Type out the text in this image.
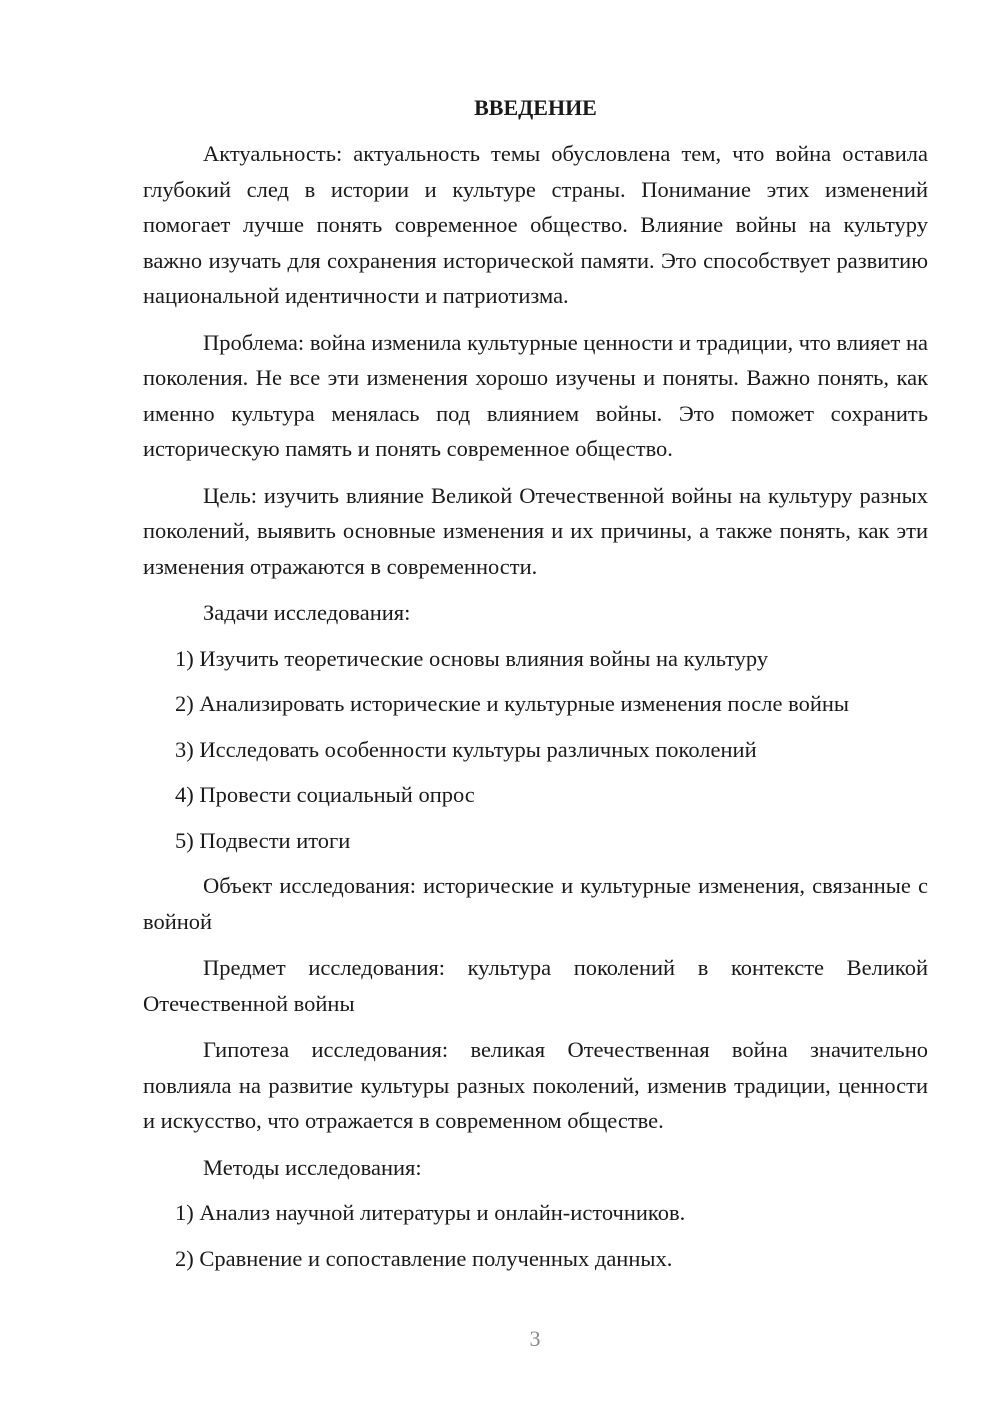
ВВЕДЕНИЕ

Актуальность: актуальность темы обусловлена тем, что война оставила глубокий след в истории и культуре страны. Понимание этих изменений помогает лучше понять современное общество. Влияние войны на культуру важно изучать для сохранения исторической памяти. Это способствует развитию национальной идентичности и патриотизма.

Проблема: война изменила культурные ценности и традиции, что влияет на поколения. Не все эти изменения хорошо изучены и поняты. Важно понять, как именно культура менялась под влиянием войны. Это поможет сохранить историческую память и понять современное общество.

Цель: изучить влияние Великой Отечественной войны на культуру разных поколений, выявить основные изменения и их причины, а также понять, как эти изменения отражаются в современности.

Задачи исследования:

1) Изучить теоретические основы влияния войны на культуру

2) Анализировать исторические и культурные изменения после войны

3) Исследовать особенности культуры различных поколений

4) Провести социальный опрос

5) Подвести итоги

Объект исследования: исторические и культурные изменения, связанные с войной

Предмет исследования: культура поколений в контексте Великой Отечественной войны

Гипотеза исследования: великая Отечественная война значительно повлияла на развитие культуры разных поколений, изменив традиции, ценности и искусство, что отражается в современном обществе.

Методы исследования:

1) Анализ научной литературы и онлайн-источников.

2) Сравнение и сопоставление полученных данных.

3
